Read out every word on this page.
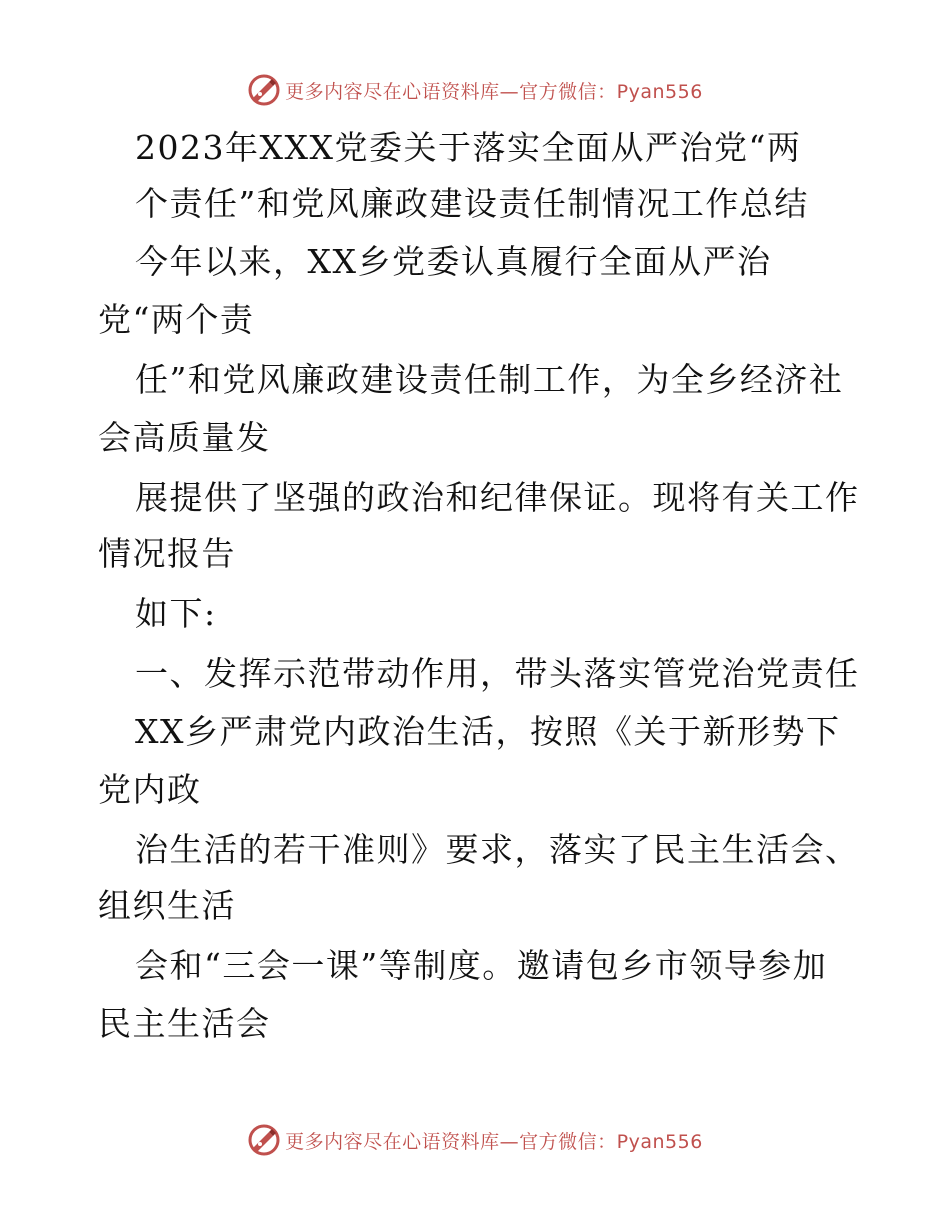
更多内容尽在心语资料库—官方微信：Pyan556
2023年XXX党委关于落实全面从严治党“两
个责任”和党风廉政建设责任制情况工作总结
今年以来，XX乡党委认真履行全面从严治
党“两个责
任”和党风廉政建设责任制工作，为全乡经济社
会高质量发
展提供了坚强的政治和纪律保证。现将有关工作
情况报告
如下:
一、发挥示范带动作用，带头落实管党治党责任
XX乡严肃党内政治生活，按照《关于新形势下
党内政
治生活的若干准则》要求，落实了民主生活会、
组织生活
会和“三会一课”等制度。邀请包乡市领导参加
民主生活会
更多内容尽在心语资料库—官方微信：Pyan556
